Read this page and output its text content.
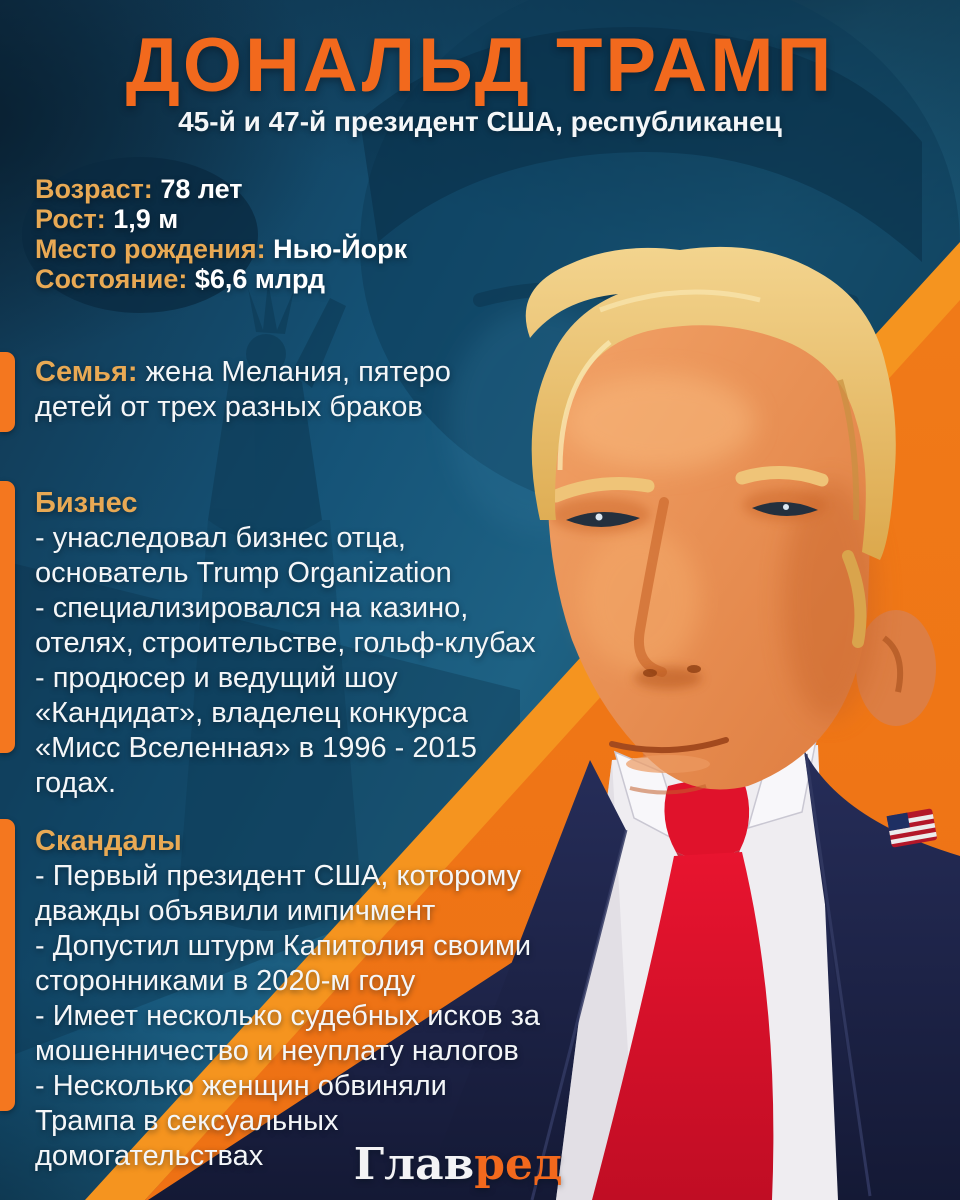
ДОНАЛЬД ТРАМП
45-й и 47-й президент США, республиканец
Возраст: 78 лет
Рост: 1,9 м
Место рождения: Нью-Йорк
Состояние: $6,6 млрд
Семья: жена Мелания, пятеро детей от трех разных браков
Бизнес
- унаследовал бизнес отца, основатель Trump Organization
- специализировался на казино, отелях, строительстве, гольф-клубах
- продюсер и ведущий шоу «Кандидат», владелец конкурса «Мисс Вселенная» в 1996 - 2015 годах.
Скандалы
- Первый президент США, которому дважды объявили импичмент
- Допустил штурм Капитолия своими сторонниками в 2020-м году
- Имеет несколько судебных исков за мошенничество и неуплату налогов
- Несколько женщин обвиняли Трампа в сексуальных домогательствах	Главред
